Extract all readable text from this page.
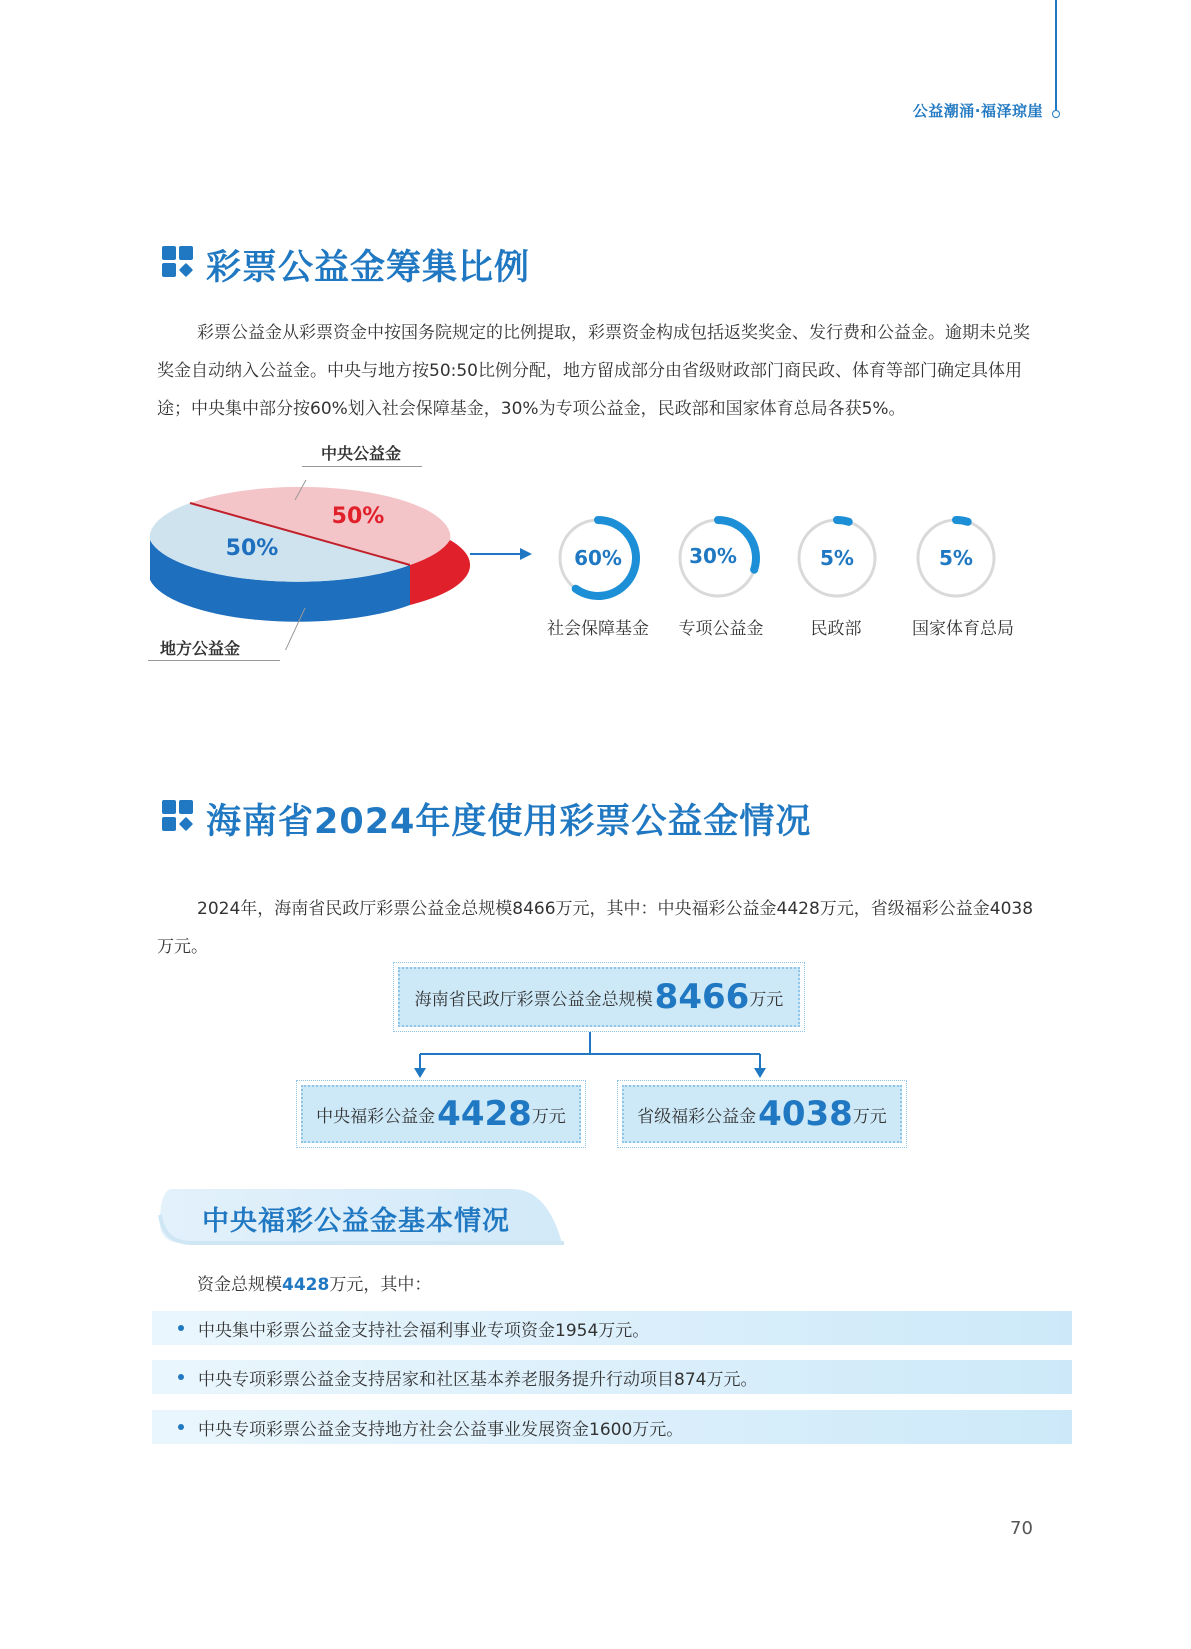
公益潮涌·福泽琼崖
彩票公益金筹集比例
彩票公益金从彩票资金中按国务院规定的比例提取，彩票资金构成包括返奖奖金、发行费和公益金。逾期未兑奖奖金自动纳入公益金。中央与地方按50:50比例分配，地方留成部分由省级财政部门商民政、体育等部门确定具体用途；中央集中部分按60%划入社会保障基金，30%为专项公益金，民政部和国家体育总局各获5%。
50%
50%
中央公益金
地方公益金
60%	30%	5%	5%
社会保障基金	专项公益金	民政部	国家体育总局
海南省2024年度使用彩票公益金情况
2024年，海南省民政厅彩票公益金总规模8466万元，其中：中央福彩公益金4428万元，省级福彩公益金4038万元。
海南省民政厅彩票公益金总规模 8466 万元
中央福彩公益金 4428 万元	省级福彩公益金 4038 万元
中央福彩公益金基本情况
资金总规模4428万元，其中：
中央集中彩票公益金支持社会福利事业专项资金1954万元。
中央专项彩票公益金支持居家和社区基本养老服务提升行动项目874万元。
中央专项彩票公益金支持地方社会公益事业发展资金1600万元。
70
